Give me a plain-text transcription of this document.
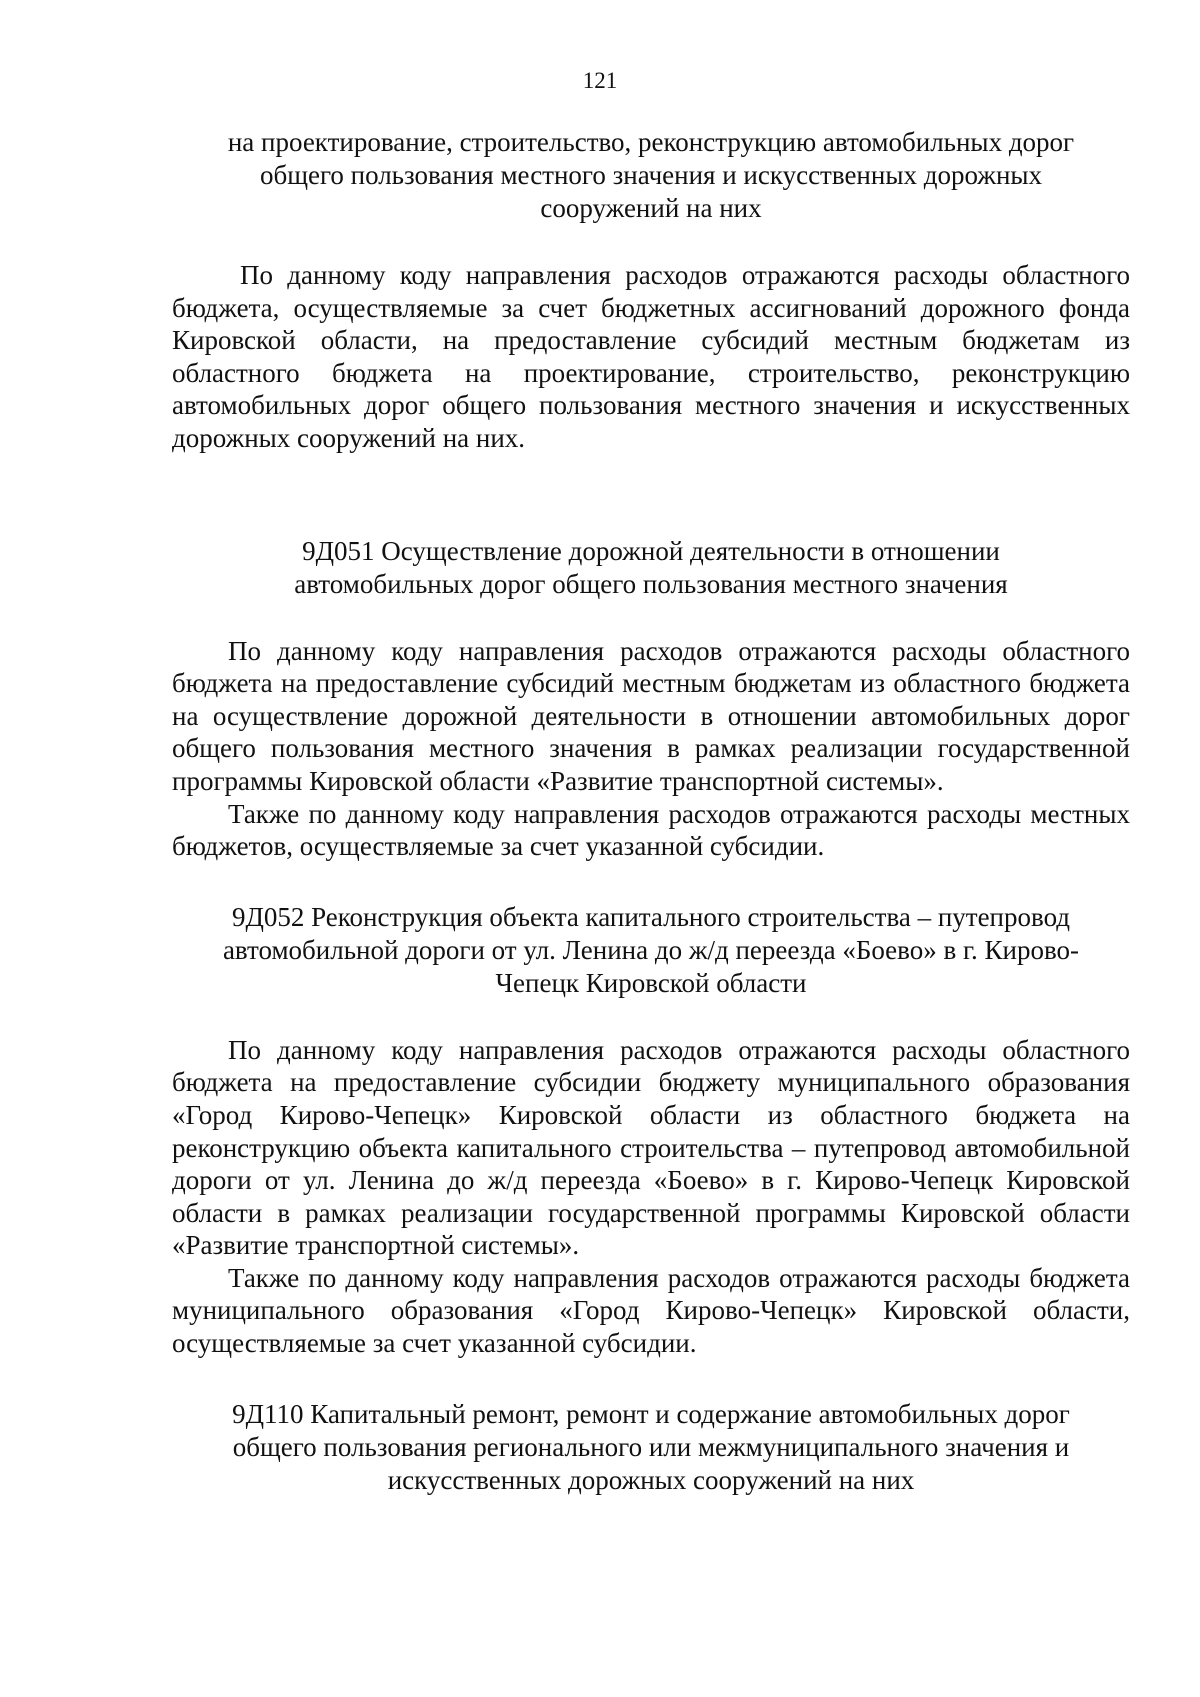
121

на проектирование, строительство, реконструкцию автомобильных дорог общего пользования местного значения и искусственных дорожных сооружений на них

По данному коду направления расходов отражаются расходы областного бюджета, осуществляемые за счет бюджетных ассигнований дорожного фонда Кировской области, на предоставление субсидий местным бюджетам из областного бюджета на проектирование, строительство, реконструкцию автомобильных дорог общего пользования местного значения и искусственных дорожных сооружений на них.

9Д051 Осуществление дорожной деятельности в отношении автомобильных дорог общего пользования местного значения

По данному коду направления расходов отражаются расходы областного бюджета на предоставление субсидий местным бюджетам из областного бюджета на осуществление дорожной деятельности в отношении автомобильных дорог общего пользования местного значения в рамках реализации государственной программы Кировской области «Развитие транспортной системы».

Также по данному коду направления расходов отражаются расходы местных бюджетов, осуществляемые за счет указанной субсидии.

9Д052 Реконструкция объекта капитального строительства – путепровод автомобильной дороги от ул. Ленина до ж/д переезда «Боево» в г. Кирово-Чепецк Кировской области

По данному коду направления расходов отражаются расходы областного бюджета на предоставление субсидии бюджету муниципального образования «Город Кирово-Чепецк» Кировской области из областного бюджета на реконструкцию объекта капитального строительства – путепровод автомобильной дороги от ул. Ленина до ж/д переезда «Боево» в г. Кирово-Чепецк Кировской области в рамках реализации государственной программы Кировской области «Развитие транспортной системы».

Также по данному коду направления расходов отражаются расходы бюджета муниципального образования «Город Кирово-Чепецк» Кировской области, осуществляемые за счет указанной субсидии.

9Д110 Капитальный ремонт, ремонт и содержание автомобильных дорог общего пользования регионального или межмуниципального значения и искусственных дорожных сооружений на них
